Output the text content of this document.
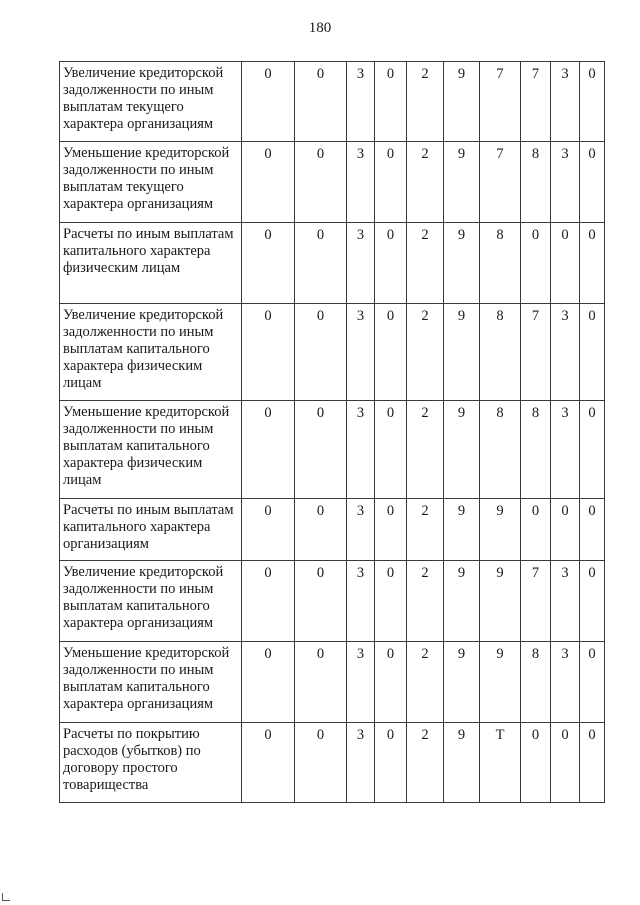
180
Увеличение кредиторской задолженности по иным выплатам текущего характера организациям	0	0	3	0	2	9	7	7	3	0
Уменьшение кредиторской задолженности по иным выплатам текущего характера организациям	0	0	3	0	2	9	7	8	3	0
Расчеты по иным выплатам капитального характера физическим лицам	0	0	3	0	2	9	8	0	0	0
Увеличение кредиторской задолженности по иным выплатам капитального характера физическим лицам	0	0	3	0	2	9	8	7	3	0
Уменьшение кредиторской задолженности по иным выплатам капитального характера физическим лицам	0	0	3	0	2	9	8	8	3	0
Расчеты по иным выплатам капитального характера организациям	0	0	3	0	2	9	9	0	0	0
Увеличение кредиторской задолженности по иным выплатам капитального характера организациям	0	0	3	0	2	9	9	7	3	0
Уменьшение кредиторской задолженности по иным выплатам капитального характера организациям	0	0	3	0	2	9	9	8	3	0
Расчеты по покрытию расходов (убытков) по договору простого товарищества	0	0	3	0	2	9	Т	0	0	0
